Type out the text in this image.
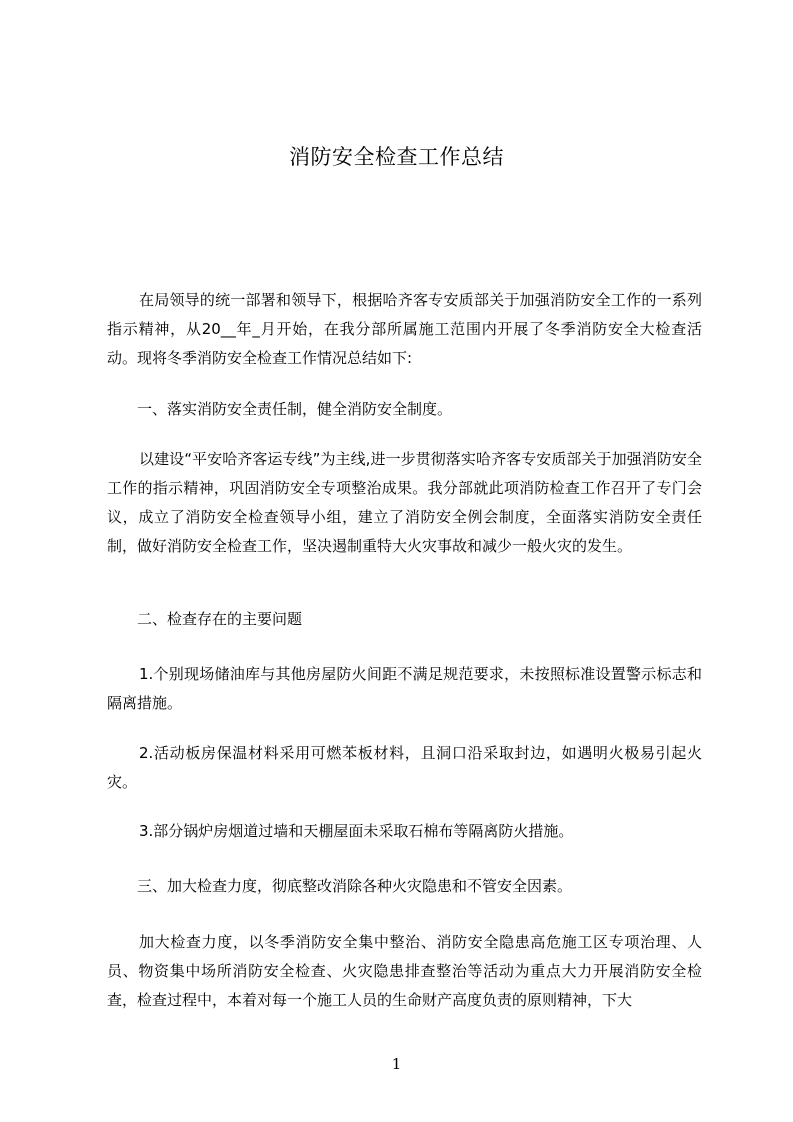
消防安全检查工作总结

在局领导的统一部署和领导下，根据哈齐客专安质部关于加强消防安全工作的一系列指示精神，从20__年_月开始，在我分部所属施工范围内开展了冬季消防安全大检查活动。现将冬季消防安全检查工作情况总结如下:

一、落实消防安全责任制，健全消防安全制度。

以建设“平安哈齐客运专线”为主线,进一步贯彻落实哈齐客专安质部关于加强消防安全工作的指示精神，巩固消防安全专项整治成果。我分部就此项消防检查工作召开了专门会议，成立了消防安全检查领导小组，建立了消防安全例会制度，全面落实消防安全责任制，做好消防安全检查工作，坚决遏制重特大火灾事故和减少一般火灾的发生。

二、检查存在的主要问题

1.个别现场储油库与其他房屋防火间距不满足规范要求，未按照标准设置警示标志和隔离措施。

2.活动板房保温材料采用可燃苯板材料，且洞口沿采取封边，如遇明火极易引起火灾。

3.部分锅炉房烟道过墙和天棚屋面未采取石棉布等隔离防火措施。

三、加大检查力度，彻底整改消除各种火灾隐患和不管安全因素。

加大检查力度，以冬季消防安全集中整治、消防安全隐患高危施工区专项治理、人员、物资集中场所消防安全检查、火灾隐患排查整治等活动为重点大力开展消防安全检查，检查过程中，本着对每一个施工人员的生命财产高度负责的原则精神，下大

1
